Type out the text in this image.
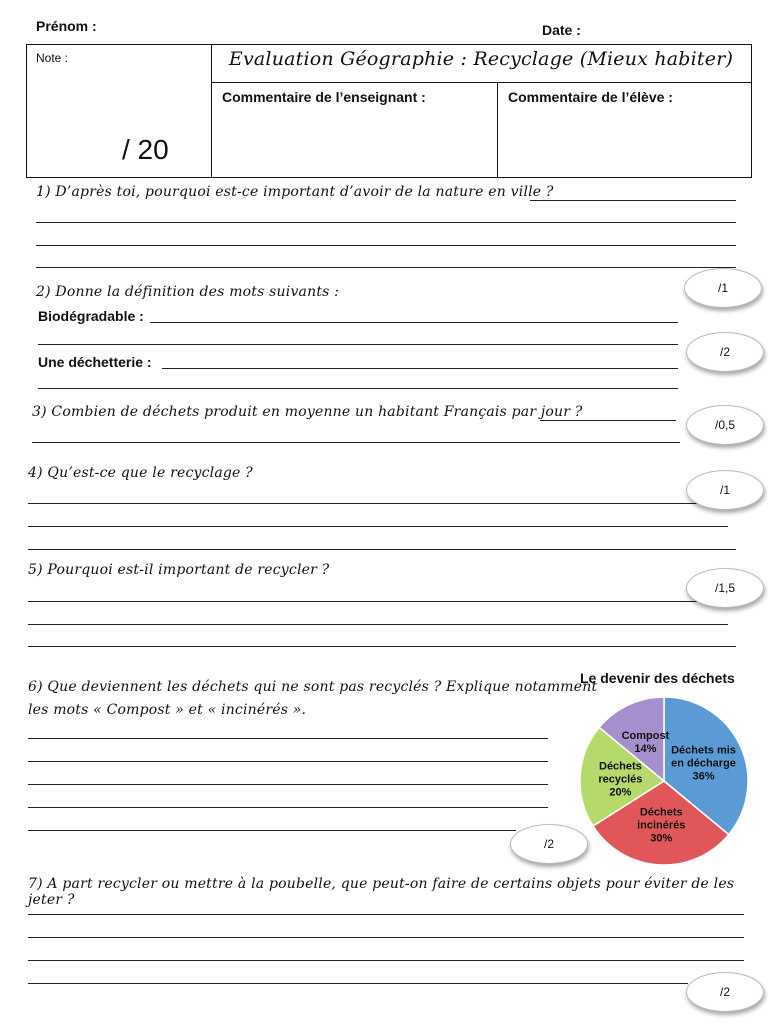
Prénom :	Date :
Note :
/ 20
Evaluation Géographie : Recyclage (Mieux habiter)
Commentaire de l’enseignant :	Commentaire de l’élève :
1) D’après toi, pourquoi est-ce important d’avoir de la nature en ville ?
/1
2) Donne la définition des mots suivants :
Biodégradable :
Une déchetterie :
/2
3) Combien de déchets produit en moyenne un habitant Français par jour ?
/0,5
4) Qu’est-ce que le recyclage ?
/1
5) Pourquoi est-il important de recycler ?
/1,5
6) Que deviennent les déchets qui ne sont pas recyclés ? Explique notamment
les mots « Compost » et « incinérés ».
/2
Le devenir des déchets
Déchets mis en décharge 36%
Déchets incinérés 30%
Déchets recyclés 20%
Compost 14%
7) A part recycler ou mettre à la poubelle, que peut-on faire de certains objets pour éviter de les jeter ?
/2
